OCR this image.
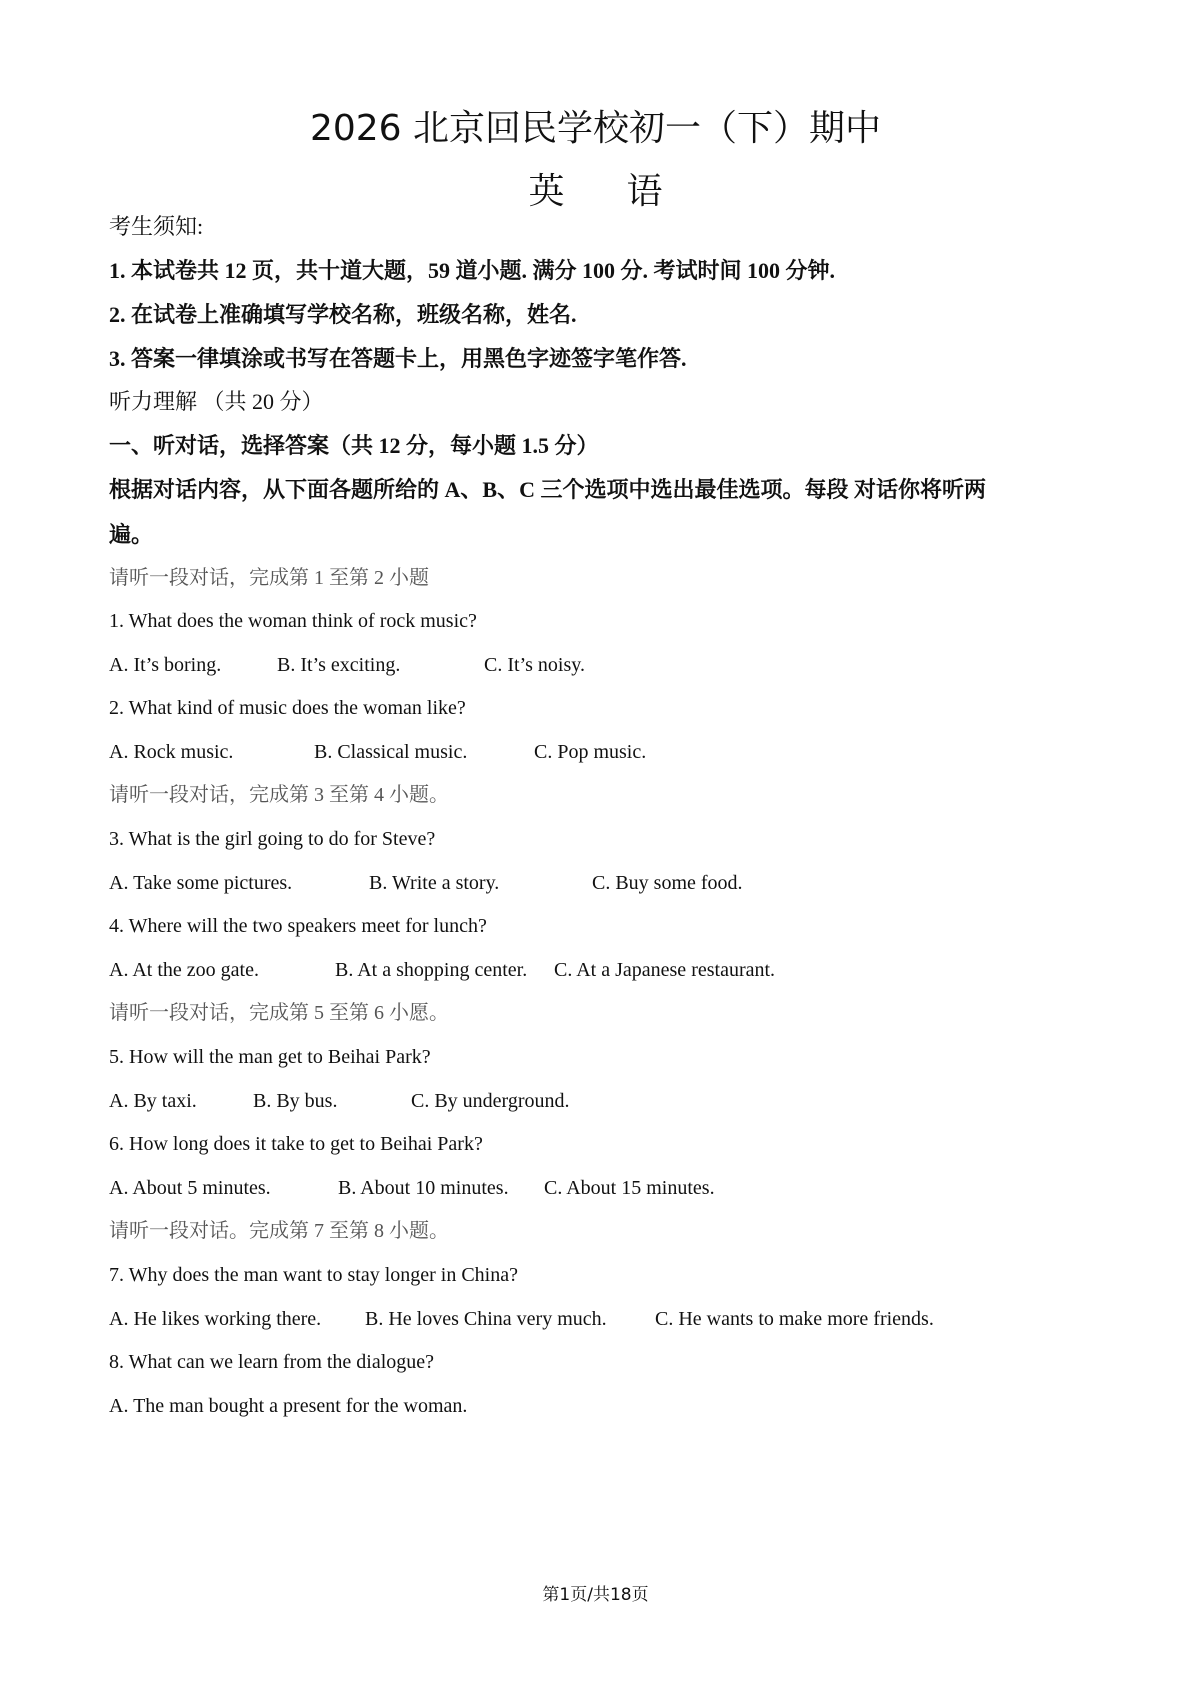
2026 北京回民学校初一（下）期中
英语
考生须知:
1. 本试卷共 12 页，共十道大题，59 道小题. 满分 100 分. 考试时间 100 分钟.
2. 在试卷上准确填写学校名称，班级名称，姓名.
3. 答案一律填涂或书写在答题卡上，用黑色字迹签字笔作答.
听力理解 （共 20 分）
一、听对话，选择答案（共 12 分，每小题 1.5 分）
根据对话内容，从下面各题所给的 A、B、C 三个选项中选出最佳选项。每段 对话你将听两
遍。
请听一段对话，完成第 1 至第 2 小题
1. What does the woman think of rock music?
A. It’s boring.	B. It’s exciting.	C. It’s noisy.
2. What kind of music does the woman like?
A. Rock music.	B. Classical music.	C. Pop music.
请听一段对话，完成第 3 至第 4 小题。
3. What is the girl going to do for Steve?
A. Take some pictures.	B. Write a story.	C. Buy some food.
4. Where will the two speakers meet for lunch?
A. At the zoo gate.	B. At a shopping center. C. At a Japanese restaurant.
请听一段对话，完成第 5 至第 6 小愿。
5. How will the man get to Beihai Park?
A. By taxi.	B. By bus.	C. By underground.
6. How long does it take to get to Beihai Park?
A. About 5 minutes.	B. About 10 minutes. C. About 15 minutes.
请听一段对话。完成第 7 至第 8 小题。
7. Why does the man want to stay longer in China?
A. He likes working there. B. He loves China very much. C. He wants to make more friends.
8. What can we learn from the dialogue?
A. The man bought a present for the woman.
第1页/共18页
